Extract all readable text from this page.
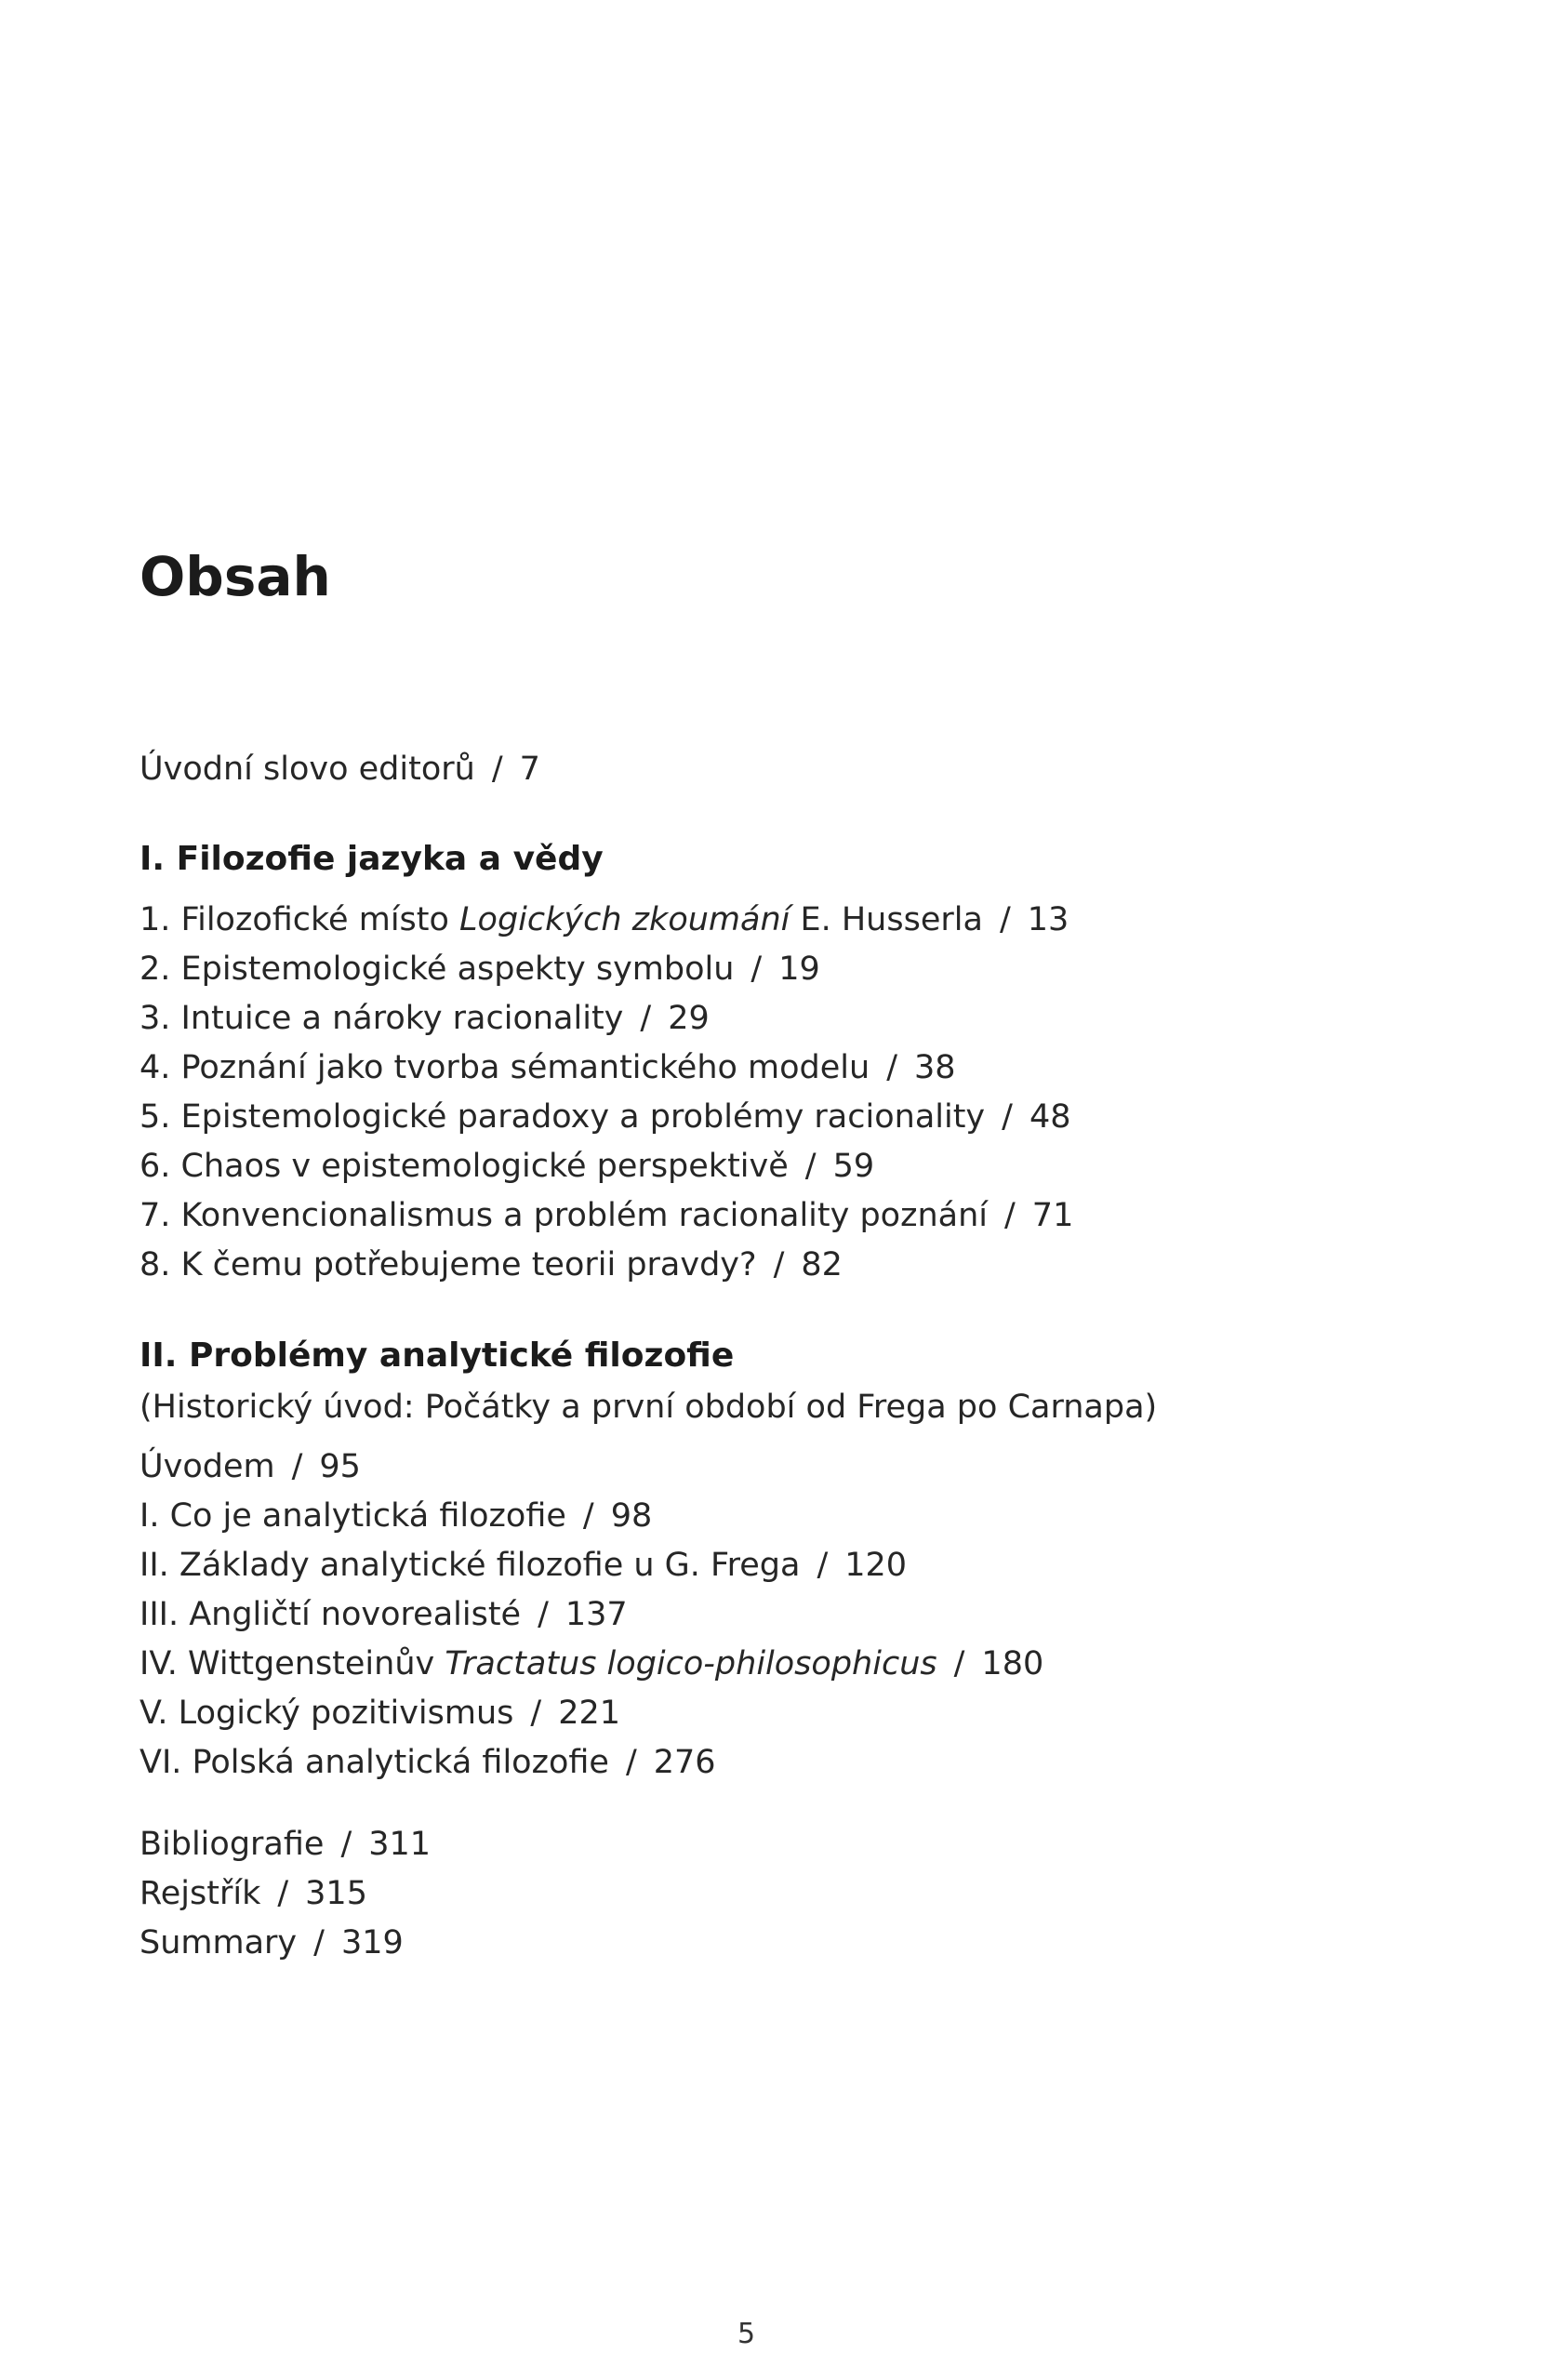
Obsah
Úvodní slovo editorů / 7
I. Filozofie jazyka a vědy
1. Filozofické místo Logických zkoumání E. Husserla / 13
2. Epistemologické aspekty symbolu / 19
3. Intuice a nároky racionality / 29
4. Poznání jako tvorba sémantického modelu / 38
5. Epistemologické paradoxy a problémy racionality / 48
6. Chaos v epistemologické perspektivě / 59
7. Konvencionalismus a problém racionality poznání / 71
8. K čemu potřebujeme teorii pravdy? / 82
II. Problémy analytické filozofie
(Historický úvod: Počátky a první období od Frega po Carnapa)
Úvodem / 95
I. Co je analytická filozofie / 98
II. Základy analytické filozofie u G. Frega / 120
III. Angličtí novorealisté / 137
IV. Wittgensteinův Tractatus logico-philosophicus / 180
V. Logický pozitivismus / 221
VI. Polská analytická filozofie / 276
Bibliografie / 311
Rejstřík / 315
Summary / 319
5
